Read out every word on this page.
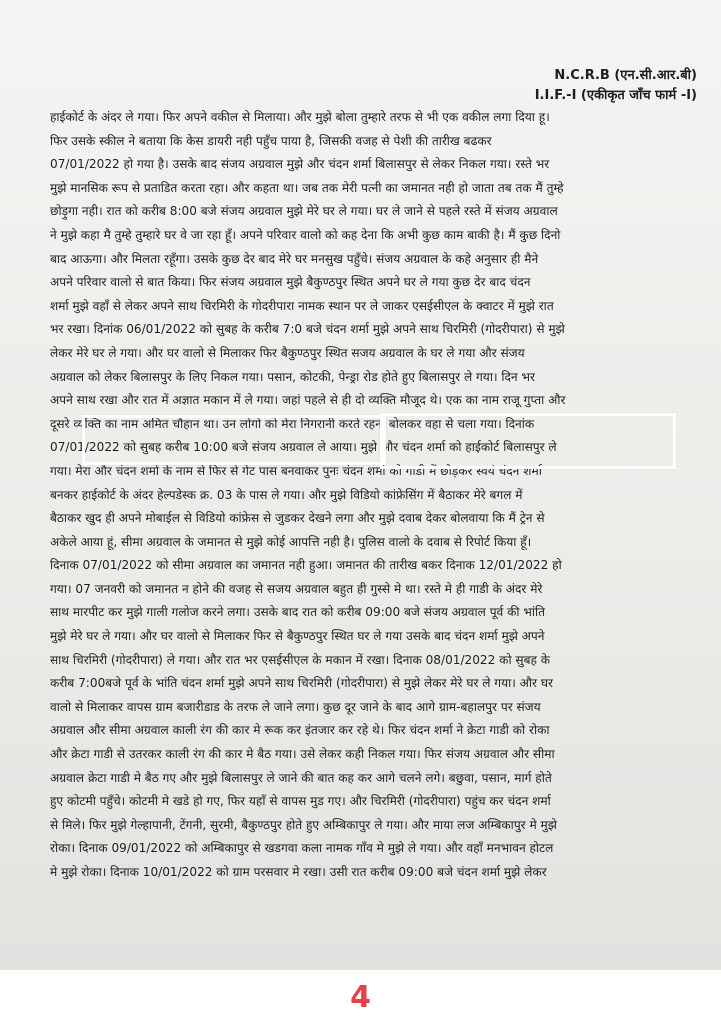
N.C.R.B (एन.सी.आर.बी)
I.I.F.-I (एकीकृत जाँच फार्म -I)
हाईकोर्ट के अंदर ले गया। फिर अपने वकील से मिलाया। और मुझे बोला तुम्हारे तरफ से भी एक वकील लगा दिया हू।
फिर उसके स्कील ने बताया कि केस डायरी नही पहुँच पाया है, जिसकी वजह से पेशी की तारीख बढकर
07/01/2022 हो गया है। उसके बाद संजय अग्रवाल मुझे और चंदन शर्मा बिलासपुर से लेकर निकल गया। रस्ते भर
मुझे मानसिक रूप से प्रताडित करता रहा। और कहता था। जब तक मेरी पत्नी का जमानत नही हो जाता तब तक मैं तुम्हे
छोड़ुगा नही। रात को करीब 8:00 बजे संजय अग्रवाल मुझे मेरे घर ले गया। घर ले जाने से पहले रस्ते में संजय अग्रवाल
ने मुझे कहा मै तुम्हे तुम्हारे घर वे जा रहा हूँ। अपने परिवार वालो को कह देना कि अभी कुछ काम बाकी है। मैं कुछ दिनो
बाद आऊगा। और मिलता रहूँगा। उसके कुछ देर बाद मेरे घर मनसुख पहुँचे। संजय अग्रवाल के कहे अनुसार ही मैने
अपने परिवार वालो से बात किया। फिर संजय अग्रवाल मुझे बैकुण्ठपुर स्थित अपने घर ले गया कुछ देर बाद चंदन
शर्मा मुझे वहाँ से लेकर अपने साथ चिरमिरी के गोदरीपारा नामक स्थान पर ले जाकर एसईसीएल के क्वाटर में मुझे रात
भर रखा। दिनांक 06/01/2022 को सुबह के करीब 7:0 बजे चंदन शर्मा मुझे अपने साथ चिरमिरी (गोदरीपारा) से मुझे
लेकर मेरे घर ले गया। और घर वालो से मिलाकर फिर बैकुण्ठपुर स्थित सजय अग्रवाल के घर ले गया और संजय
अग्रवाल को लेकर बिलासपुर के लिए निकल गया। पसान, कोटकी, पेन्ड्रा रोड होते हुए बिलासपुर ले गया। दिन भर
अपने साथ रखा और रात में अज्ञात मकान में ले गया। जहां पहले से ही दो व्यक्ति मौजूद थे। एक का नाम राजू गुप्ता और
दूसरे व्यक्ति का नाम अमित चौहान था। उन लोगो को मेरा निगरानी करते रहना बोलकर वहा से चला गया। दिनांक
07/01/2022 को सुबह करीब 10:00 बजे संजय अग्रवाल ले आया। मुझे और चंदन शर्मा को हाईकोर्ट बिलासपुर ले
गया। मेरा और चंदन शर्मा के नाम से फिर से गेट पास बनवाकर पुनः चंदन शर्मा को गाडी में छोड़कर स्वयं चंदन शर्मा
बनकर हाईकोर्ट के अंदर हेल्पडेस्क क्र. 03 के पास ले गया। और मुझे विडियो कांफ्रेसिंग में बैठाकर मेरे बगल में
बैठाकर खुद ही अपने मोबाईल से विडियो कांफ्रेस से जुडकर देखने लगा और मुझे दवाब देकर बोलवाया कि मैं ट्रेन से
अकेले आया हूं, सीमा अग्रवाल के जमानत से मुझे कोई आपत्ति नही है। पुलिस वालो के दवाब से रिपोर्ट किया हूँ।
दिनाक 07/01/2022 को सीमा अग्रवाल का जमानत नही हुआ। जमानत की तारीख बकर दिनाक 12/01/2022 हो
गया। 07 जनवरी को जमानत न होने की वजह से सजय अग्रवाल बहुत ही गुस्से मे था। रस्ते मे ही गाडी के अंदर मेरे
साथ मारपीट कर मुझे गाली गलोज करने लगा। उसके बाद रात को करीब 09:00 बजे संजय अग्रवाल पूर्व की भांति
मुझे मेरे घर ले गया। और घर वालो से मिलाकर फिर से बैकुण्ठपुर स्थित घर ले गया उसके बाद चंदन शर्मा मुझे अपने
साथ चिरमिरी (गोदरीपारा) ले गया। और रात भर एसईसीएल के मकान में रखा। दिनाक 08/01/2022 को सुबह के
करीब 7:00बजे पूर्व के भांति चंदन शर्मा मुझे अपने साथ चिरमिरी (गोदरीपारा) से मुझे लेकर मेरे घर ले गया। और घर
वालो से मिलाकर वापस ग्राम बजारीडाड के तरफ ले जाने लगा। कुछ दूर जाने के बाद आगे ग्राम-बहालपुर पर संजय
अग्रवाल और सीमा अग्रवाल काली रंग की कार मे रूक कर इंतजार कर रहे थे। फिर चंदन शर्मा ने क्रेटा गाडी को रोका
और क्रेटा गाडी से उतरकर काली रंग की कार मे बैठ गया। उसे लेकर कही निकल गया। फिर संजय अग्रवाल और सीमा
अग्रवाल क्रेटा गाडी मे बैठ गए और मुझे बिलासपुर ले जाने की बात कह कर आगे चलने लगे। बछुवा, पसान, मार्ग होते
हुए कोटमी पहुँचे। कोटमी मे खडे हो गए, फिर यहाँ से वापस मुड गए। और चिरमिरी (गोदरीपारा) पहुंच कर चंदन शर्मा
से मिले। फिर मुझे गेल्हापानी, टेंगनी, सुरमी, बैकुण्ठपुर होते हुए अम्बिकापुर ले गया। और माया लज अम्बिकापुर मे मुझे
रोका। दिनाक 09/01/2022 को अम्बिकापुर से खडगवा कला नामक गाँव मे मुझे ले गया। और वहाँ मनभावन होटल
मे मुझे रोका। दिनाक 10/01/2022 को ग्राम परसवार मे रखा। उसी रात करीब 09:00 बजे चंदन शर्मा मुझे लेकर
4
